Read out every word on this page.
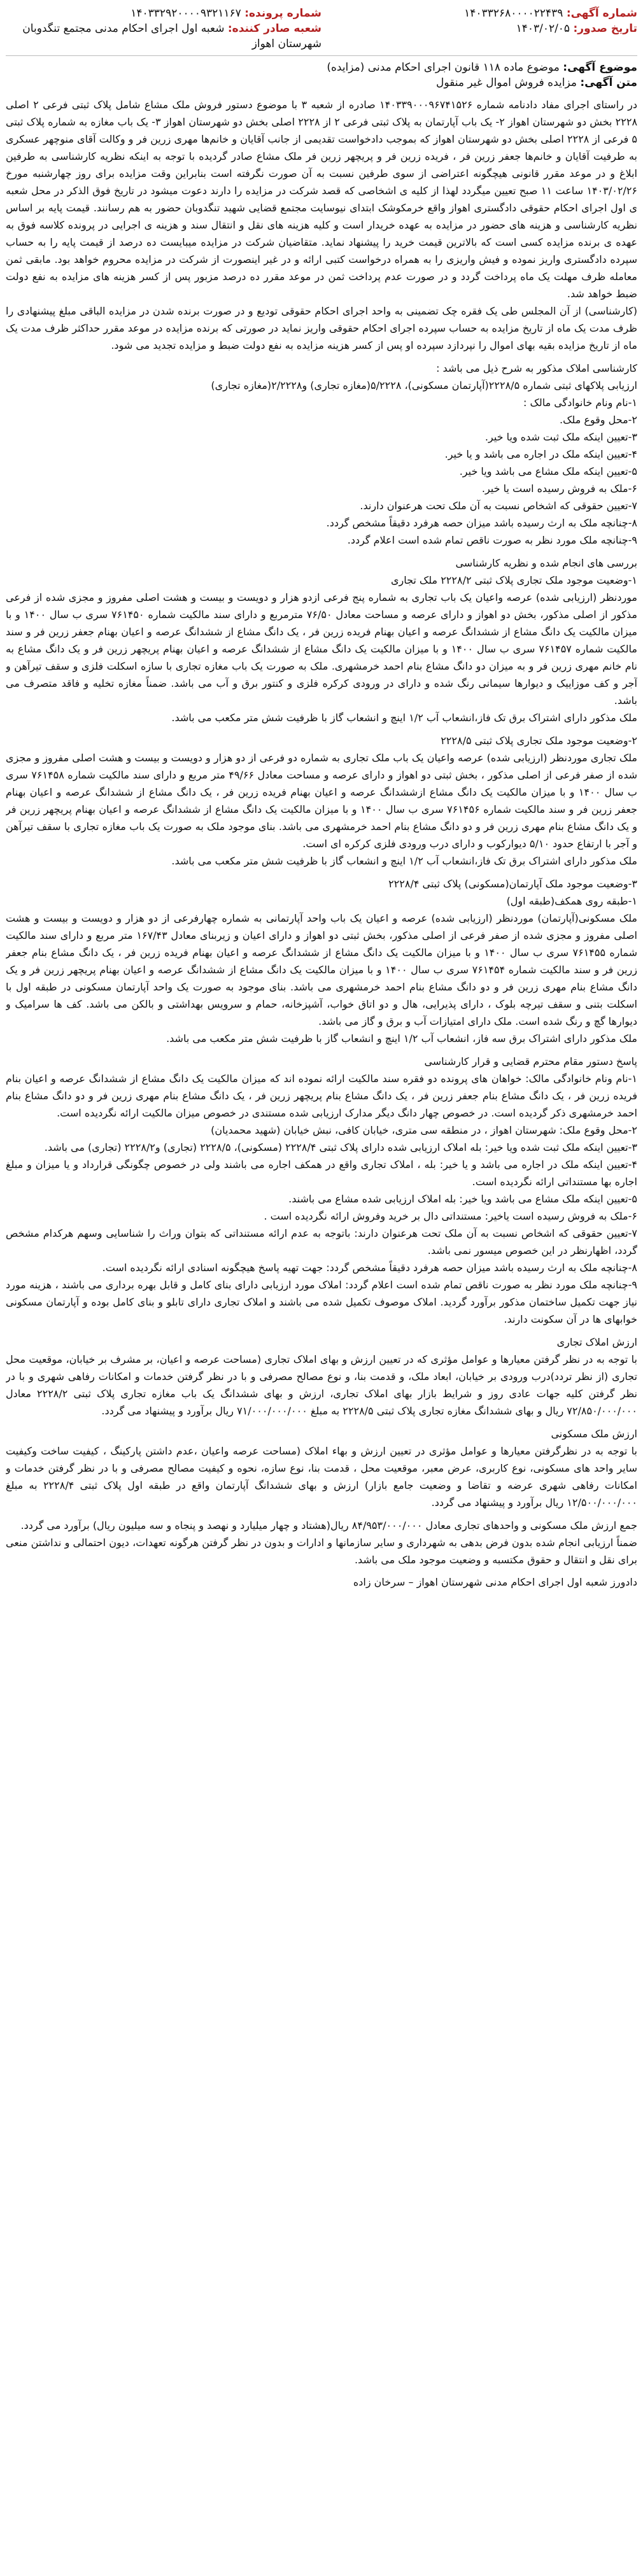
شماره آگهی: ۱۴۰۳۳۲۶۸۰۰۰۰۲۲۴۳۹
شماره پرونده: ۱۴۰۳۳۲۹۲۰۰۰۰۹۳۲۱۱۶۷
تاریخ صدور: ۱۴۰۳/۰۲/۰۵
شعبه صادر کننده: شعبه اول اجرای احکام مدنی مجتمع تنگدوبان شهرستان اهواز
موضوع آگهی: موضوع ماده ۱۱۸ قانون اجرای احکام مدنی (مزایده)
متن آگهی: مزایده فروش اموال غیر منقول

در راستای اجرای مفاد دادنامه شماره ۱۴۰۳۳۹۰۰۰۹۶۷۴۱۵۲۶ صادره از شعبه ۳ با موضوع دستور فروش ملک مشاع شامل پلاک ثبتی فرعی ۲ اصلی ۲۲۲۸ بخش دو شهرستان اهواز ۲- یک باب آپارتمان به پلاک ثبتی فرعی ۲ از ۲۲۲۸ اصلی بخش دو شهرستان اهواز ۳- یک باب مغازه به شماره پلاک ثبتی ۵ فرعی از ۲۲۲۸ اصلی بخش دو شهرستان اهواز که بموجب دادخواست تقدیمی از جانب آقایان و خانم‌ها مهری زرین فر و وکالت آقای منوچهر عسکری به طرفیت آقایان و خانم‌ها جعفر زرین فر ، فریده زرین فر و پریچهر زرین فر ملک مشاع صادر گردیده با توجه به اینکه نظریه کارشناسی به طرفین ابلاغ و در موعد مقرر قانونی هیچگونه اعتراضی از سوی طرفین نسبت به آن صورت نگرفته است بنابراین وقت مزایده برای روز چهارشنبه مورخ ۱۴۰۳/۰۲/۲۶ ساعت ۱۱ صبح تعیین میگردد لهذا از کلیه ی اشخاصی که قصد شرکت در مزایده را دارند دعوت میشود در تاریخ فوق الذکر در محل شعبه ی اول اجرای احکام حقوقی دادگستری اهواز واقع خرمکوشک ابتدای نیوسایت مجتمع قضایی شهید تنگدوبان حضور به هم رسانند. قیمت پایه بر اساس نظریه کارشناسی و هزینه های حضور در مزایده به عهده خریدار است و کلیه هزینه های نقل و انتقال سند و هزینه ی اجرایی در پرونده کلاسه فوق به عهده ی برنده مزایده کسی است که بالاترین قیمت خرید را پیشنهاد نماید. متقاضیان شرکت در مزایده میبایست ده درصد از قیمت پایه را به حساب سپرده دادگستری واریز نموده و فیش واریزی را به همراه درخواست کتبی ارائه و در غیر اینصورت از شرکت در مزایده محروم خواهد بود. مابقی ثمن معامله ظرف مهلت یک ماه پرداخت گردد و در صورت عدم پرداخت ثمن در موعد مقرر ده درصد مزبور پس از کسر هزینه های مزایده به نفع دولت ضبط خواهد شد.

(کارشناسی) از آن المجلس طی یک فقره چک تضمینی به واحد اجرای احکام حقوقی تودیع و در صورت برنده شدن در مزایده الباقی مبلغ پیشنهادی را ظرف مدت یک ماه از تاریخ مزایده به حساب سپرده اجرای احکام حقوقی واریز نماید در صورتی که برنده مزایده در موعد مقرر حداکثر ظرف مدت یک ماه از تاریخ مزایده بقیه بهای اموال را نپردازد سپرده او پس از کسر هزینه مزایده به نفع دولت ضبط و مزایده تجدید می شود.

کارشناسی املاک مذکور به شرح ذیل می باشد :

ارزیابی پلاکهای ثبتی شماره ۲۲۲۸/۵(آپارتمان مسکونی)، ۵/۲۲۲۸(مغازه تجاری) و۲/۲۲۲۸(مغازه تجاری)

۱-نام ونام خانوادگی مالک :

۲-محل وقوع ملک.

۳-تعیین اینکه ملک ثبت شده ویا خیر.

۴-تعیین اینکه ملک در اجاره می باشد و یا خیر.

۵-تعیین اینکه ملک مشاع می باشد ویا خیر.

۶-ملک به فروش رسیده است یا خیر.

۷-تعیین حقوقی که اشخاص نسبت به آن ملک تحت هرعنوان دارند.

۸-چنانچه ملک به ارث رسیده باشد میزان حصه هرفرد دقیقاً مشخص گردد.

۹-چنانچه ملک مورد نظر به صورت ناقص تمام شده است اعلام گردد.

بررسی های انجام شده و نظریه کارشناسی

۱-وضعیت موجود ملک تجاری پلاک ثبتی ۲۲۲۸/۲ ملک تجاری

موردنظر (ارزیابی شده) عرصه واعیان یک باب تجاری به شماره پنج فرعی ازدو هزار و دویست و بیست و هشت اصلی مفروز و مجزی شده از فرعی مذکور از اصلی مذکور، بخش دو اهواز و دارای عرصه و مساحت معادل ۷۶/۵۰ مترمربع و دارای سند مالکیت شماره ۷۶۱۴۵۰ سری ب سال ۱۴۰۰ و با میزان مالکیت یک دانگ مشاع از ششدانگ عرصه و اعیان بهنام فریده زرین فر ، یک دانگ مشاع از ششدانگ عرصه و اعیان بهنام جعفر زرین فر و سند مالکیت شماره ۷۶۱۴۵۷ سری ب سال ۱۴۰۰ و با میزان مالکیت یک دانگ مشاع از ششدانگ عرصه و اعیان بهنام پریچهر زرین فر و یک دانگ مشاع به نام خانم مهری زرین فر و به میزان دو دانگ مشاع بنام احمد خرمشهری. ملک به صورت یک باب مغازه تجاری با سازه اسکلت فلزی و سقف تیرآهن و آجر و کف موزاییک و دیوارها سیمانی رنگ شده و دارای در ورودی کرکره فلزی و کنتور برق و آب می باشد. ضمناً مغازه تخلیه و فاقد متصرف می باشد.

ملک مذکور دارای اشتراک برق تک فاز،انشعاب آب ۱/۲ اینچ و انشعاب گاز با ظرفیت شش متر مکعب می باشد.

۲-وضعیت موجود ملک تجاری پلاک ثبتی ۲۲۲۸/۵

ملک تجاری موردنظر (ارزیابی شده) عرصه واعیان یک باب ملک تجاری به شماره دو فرعی از دو هزار و دویست و بیست و هشت اصلی مفروز و مجزی شده از صفر فرعی از اصلی مذکور ، بخش ثبتی دو اهواز و دارای عرصه و مساحت معادل ۴۹/۶۶ متر مربع و دارای سند مالکیت شماره ۷۶۱۴۵۸ سری ب سال ۱۴۰۰ و با میزان مالکیت یک دانگ مشاع ازششدانگ عرصه و اعیان بهنام فریده زرین فر ، یک دانگ مشاع از ششدانگ عرصه و اعیان بهنام جعفر زرین فر و سند مالکیت شماره ۷۶۱۴۵۶ سری ب سال ۱۴۰۰ و با میزان مالکیت یک دانگ مشاع از ششدانگ عرصه و اعیان بهنام پریچهر زرین فر و یک دانگ مشاع بنام مهری زرین فر و دو دانگ مشاع بنام احمد خرمشهری می باشد. بنای موجود ملک به صورت یک باب مغازه تجاری با سقف تیرآهن و آجر با ارتفاع حدود ۵/۱۰ دیوارکوب و دارای درب ورودی فلزی کرکره ای است.

ملک مذکور دارای اشتراک برق تک فاز،انشعاب آب ۱/۲ اینچ و انشعاب گاز با ظرفیت شش متر مکعب می باشد.

۳-وضعیت موجود ملک آپارتمان(مسکونی) پلاک ثبتی ۲۲۲۸/۴

۱-طبقه روی همکف(طبقه اول)

ملک مسکونی(آپارتمان) موردنظر (ارزیابی شده) عرصه و اعیان یک باب واحد آپارتمانی به شماره چهارفرعی از دو هزار و دویست و بیست و هشت اصلی مفروز و مجزی شده از صفر فرعی از اصلی مذکور، بخش ثبتی دو اهواز و دارای اعیان و زیربنای معادل ۱۶۷/۴۳ متر مربع و دارای سند مالکیت شماره ۷۶۱۴۵۵ سری ب سال ۱۴۰۰ و با میزان مالکیت یک دانگ مشاع از ششدانگ عرصه و اعیان بهنام فریده زرین فر ، یک دانگ مشاع بنام جعفر زرین فر و سند مالکیت شماره ۷۶۱۴۵۴ سری ب سال ۱۴۰۰ و با میزان مالکیت یک دانگ مشاع از ششدانگ عرصه و اعیان بهنام پریچهر زرین فر و یک دانگ مشاع بنام مهری زرین فر و دو دانگ مشاع بنام احمد خرمشهری می باشد. بنای موجود به صورت یک واحد آپارتمان مسکونی در طبقه اول با اسکلت بتنی و سقف تیرچه بلوک ، دارای پذیرایی، هال و دو اتاق خواب، آشپزخانه، حمام و سرویس بهداشتی و بالکن می باشد. کف ها سرامیک و دیوارها گچ و رنگ شده است. ملک دارای امتیازات آب و برق و گاز می باشد.

ملک مذکور دارای اشتراک برق سه فاز، انشعاب آب ۱/۲ اینچ و انشعاب گاز با ظرفیت شش متر مکعب می باشد.

پاسخ دستور مقام محترم قضایی و قرار کارشناسی

۱-نام ونام خانوادگی مالک: خواهان های پرونده دو فقره سند مالکیت ارائه نموده اند که میزان مالکیت یک دانگ مشاع از ششدانگ عرصه و اعیان بنام فریده زرین فر ، یک دانگ مشاع بنام جعفر زرین فر ، یک دانگ مشاع بنام پریچهر زرین فر ، یک دانگ مشاع بنام مهری زرین فر و دو دانگ مشاع بنام احمد خرمشهری ذکر گردیده است. در خصوص چهار دانگ دیگر مدارک ارزیابی شده مستندی در خصوص میزان مالکیت ارائه نگردیده است.

۲-محل وقوع ملک: شهرستان اهواز ، در منطقه سی متری، خیابان کافی، نبش خیابان (شهید محمدیان)

۳-تعیین اینکه ملک ثبت شده ویا خیر: بله املاک ارزیابی شده دارای پلاک ثبتی ۲۲۲۸/۴ (مسکونی)، ۲۲۲۸/۵ (تجاری) و۲۲۲۸/۲ (تجاری) می باشد.

۴-تعیین اینکه ملک در اجاره می باشد و یا خیر: بله ، املاک تجاری واقع در همکف اجاره می باشند ولی در خصوص چگونگی قرارداد و یا میزان و مبلغ اجاره بها مستنداتی ارائه نگردیده است.

۵-تعیین اینکه ملک مشاع می باشد ویا خیر: بله املاک ارزیابی شده مشاع می باشند.

۶-ملک به فروش رسیده است یاخیر: مستنداتی دال بر خرید وفروش ارائه نگردیده است .

۷-تعیین حقوقی که اشخاص نسبت به آن ملک تحت هرعنوان دارند: باتوجه به عدم ارائه مستنداتی که بتوان وراث را شناسایی وسهم هرکدام مشخص گردد، اظهارنظر در این خصوص میسور نمی باشد.

۸-چنانچه ملک به ارث رسیده باشد میزان حصه هرفرد دقیقاً مشخص گردد: جهت تهیه پاسخ هیچگونه اسنادی ارائه نگردیده است.

۹-چنانچه ملک مورد نظر به صورت ناقص تمام شده است اعلام گردد: املاک مورد ارزیابی دارای بنای کامل و قابل بهره برداری می باشند ، هزینه مورد نیاز جهت تکمیل ساختمان مذکور برآورد گردید. املاک موصوف تکمیل شده می باشند و املاک تجاری دارای تابلو و بنای کامل بوده و آپارتمان مسکونی خوابهای ها در آن سکونت دارند.

ارزش املاک تجاری

با توجه به در نظر گرفتن معیارها و عوامل مؤثری که در تعیین ارزش و بهای املاک تجاری (مساحت عرصه و اعیان، بر مشرف بر خیابان، موقعیت محل تجاری (از نظر تردد)درب ورودی بر خیابان، ابعاد ملک، و قدمت بنا، و نوع مصالح مصرفی و با در نظر گرفتن خدمات و امکانات رفاهی شهری و با در نظر گرفتن کلیه جهات عادی روز و شرایط بازار بهای املاک تجاری، ارزش و بهای ششدانگ یک باب مغازه تجاری پلاک ثبتی ۲۲۲۸/۲ معادل ۷۲/۸۵۰/۰۰۰/۰۰۰ ریال و بهای ششدانگ مغازه تجاری پلاک ثبتی ۲۲۲۸/۵ به مبلغ ۷۱/۰۰۰/۰۰۰/۰۰۰ ریال برآورد و پیشنهاد می گردد.

ارزش ملک مسکونی

با توجه به در نظرگرفتن معیارها و عوامل مؤثری در تعیین ارزش و بهاء املاک (مساحت عرصه واعیان ،عدم داشتن پارکینگ ، کیفیت ساخت وکیفیت سایر واحد های مسکونی، نوع کاربری، عرض معبر، موقعیت محل ، قدمت بنا، نوع سازه، نحوه و کیفیت مصالح مصرفی و با در نظر گرفتن خدمات و امکانات رفاهی شهری عرضه و تقاضا و وضعیت جامع بازار) ارزش و بهای ششدانگ آپارتمان واقع در طبقه اول پلاک ثبتی ۲۲۲۸/۴ به مبلغ ۱۲/۵۰۰/۰۰۰/۰۰۰ ریال برآورد و پیشنهاد می گردد.

جمع ارزش ملک مسکونی و واحدهای تجاری معادل ۸۴/۹۵۳/۰۰۰/۰۰۰ ریال(هشتاد و چهار میلیارد و نهصد و پنجاه و سه میلیون ریال) برآورد می گردد.

ضمناً ارزیابی انجام شده بدون فرض بدهی به شهرداری و سایر سازمانها و ادارات و بدون در نظر گرفتن هرگونه تعهدات، دیون احتمالی و نداشتن منعی برای نقل و انتقال و حقوق مکتسبه و وضعیت موجود ملک می باشد.

دادورز شعبه اول اجرای احکام مدنی شهرستان اهواز – سرخان زاده
